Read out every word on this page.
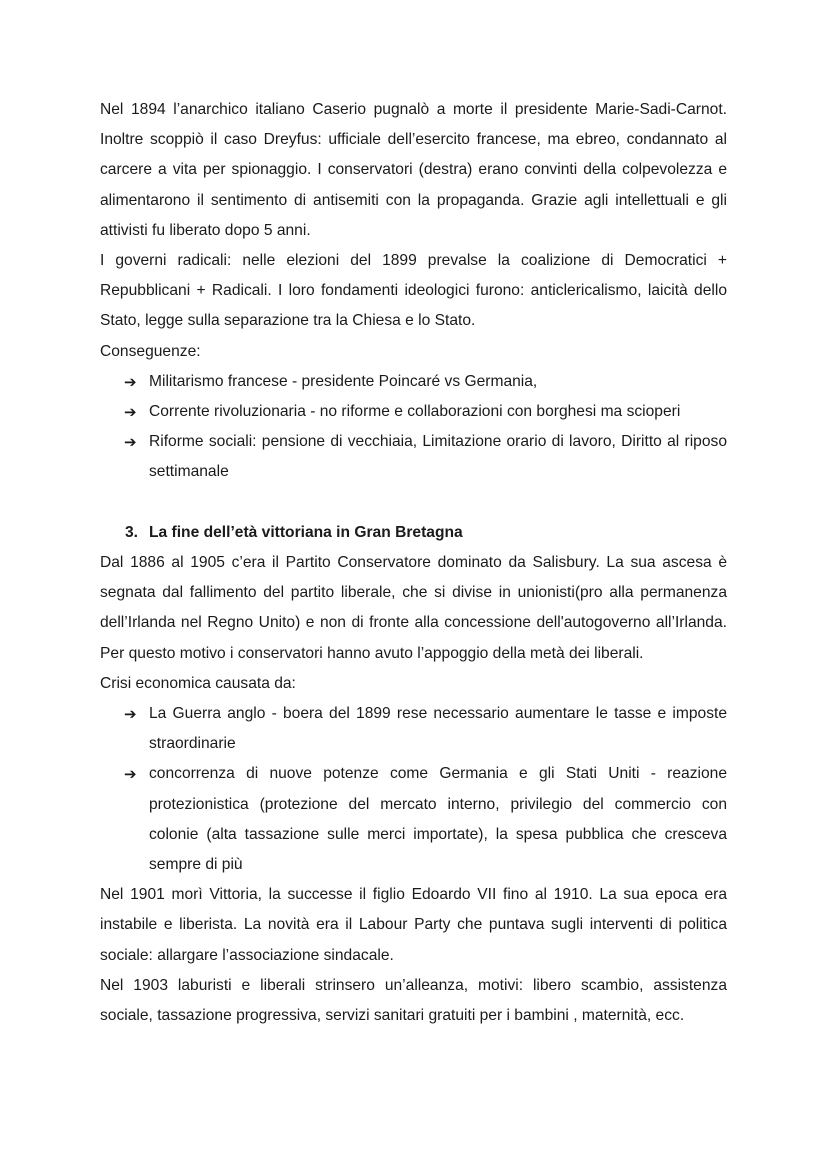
Nel 1894 l’anarchico italiano Caserio pugnalò a morte il presidente Marie-Sadi-Carnot. Inoltre scoppiò il caso Dreyfus: ufficiale dell’esercito francese, ma ebreo, condannato al carcere a vita per spionaggio. I conservatori (destra) erano convinti della colpevolezza e alimentarono il sentimento di antisemiti con la propaganda. Grazie agli intellettuali e gli attivisti fu liberato dopo 5 anni.

I governi radicali: nelle elezioni del 1899 prevalse la coalizione di Democratici + Repubblicani + Radicali. I loro fondamenti ideologici furono: anticlericalismo, laicità dello Stato, legge sulla separazione tra la Chiesa e lo Stato.

Conseguenze:

➔ Militarismo francese - presidente Poincaré vs Germania,
➔ Corrente rivoluzionaria - no riforme e collaborazioni con borghesi ma scioperi
➔ Riforme sociali: pensione di vecchiaia, Limitazione orario di lavoro, Diritto al riposo settimanale
3. La fine dell’età vittoriana in Gran Bretagna

Dal 1886 al 1905 c’era il Partito Conservatore dominato da Salisbury. La sua ascesa è segnata dal fallimento del partito liberale, che si divise in unionisti(pro alla permanenza dell’Irlanda nel Regno Unito) e non di fronte alla concessione dell'autogoverno all’Irlanda. Per questo motivo i conservatori hanno avuto l’appoggio della metà dei liberali.

Crisi economica causata da:

➔ La Guerra anglo - boera del 1899 rese necessario aumentare le tasse e imposte straordinarie
➔ concorrenza di nuove potenze come Germania e gli Stati Uniti - reazione protezionistica (protezione del mercato interno, privilegio del commercio con colonie (alta tassazione sulle merci importate), la spesa pubblica che cresceva sempre di più

Nel 1901 morì Vittoria, la successe il figlio Edoardo VII fino al 1910. La sua epoca era instabile e liberista. La novità era il Labour Party che puntava sugli interventi di politica sociale: allargare l’associazione sindacale.

Nel 1903 laburisti e liberali strinsero un’alleanza, motivi: libero scambio, assistenza sociale, tassazione progressiva, servizi sanitari gratuiti per i bambini , maternità, ecc.
